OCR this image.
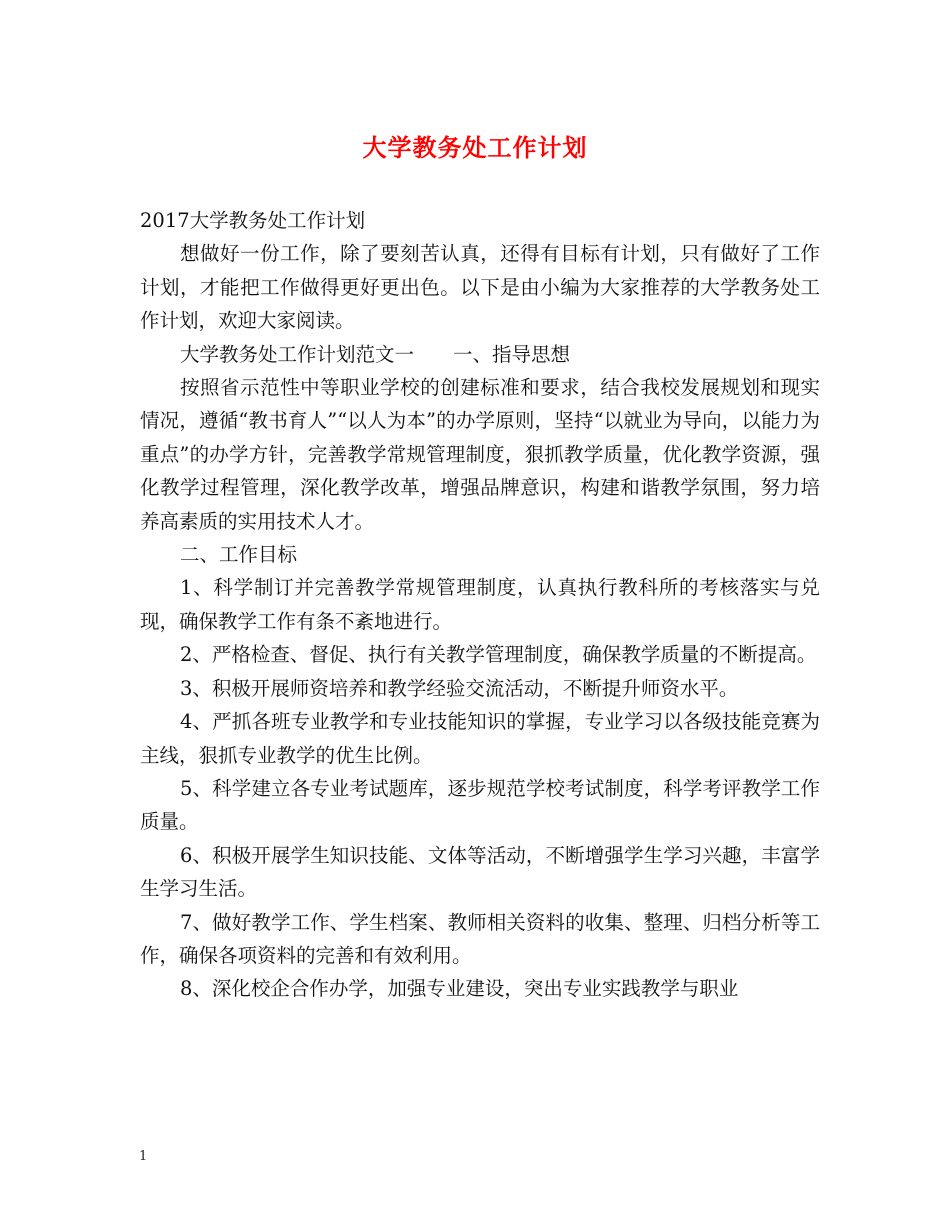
大学教务处工作计划

2017大学教务处工作计划

想做好一份工作，除了要刻苦认真，还得有目标有计划，只有做好了工作计划，才能把工作做得更好更出色。以下是由小编为大家推荐的大学教务处工作计划，欢迎大家阅读。

大学教务处工作计划范文一　　一、指导思想

按照省示范性中等职业学校的创建标准和要求，结合我校发展规划和现实情况，遵循“教书育人”“以人为本”的办学原则，坚持“以就业为导向，以能力为重点”的办学方针，完善教学常规管理制度，狠抓教学质量，优化教学资源，强化教学过程管理，深化教学改革，增强品牌意识，构建和谐教学氛围，努力培养高素质的实用技术人才。

二、工作目标

1、科学制订并完善教学常规管理制度，认真执行教科所的考核落实与兑现，确保教学工作有条不紊地进行。

2、严格检查、督促、执行有关教学管理制度，确保教学质量的不断提高。

3、积极开展师资培养和教学经验交流活动，不断提升师资水平。

4、严抓各班专业教学和专业技能知识的掌握，专业学习以各级技能竞赛为主线，狠抓专业教学的优生比例。

5、科学建立各专业考试题库，逐步规范学校考试制度，科学考评教学工作质量。

6、积极开展学生知识技能、文体等活动，不断增强学生学习兴趣，丰富学生学习生活。

7、做好教学工作、学生档案、教师相关资料的收集、整理、归档分析等工作，确保各项资料的完善和有效利用。

8、深化校企合作办学，加强专业建设，突出专业实践教学与职业

1
